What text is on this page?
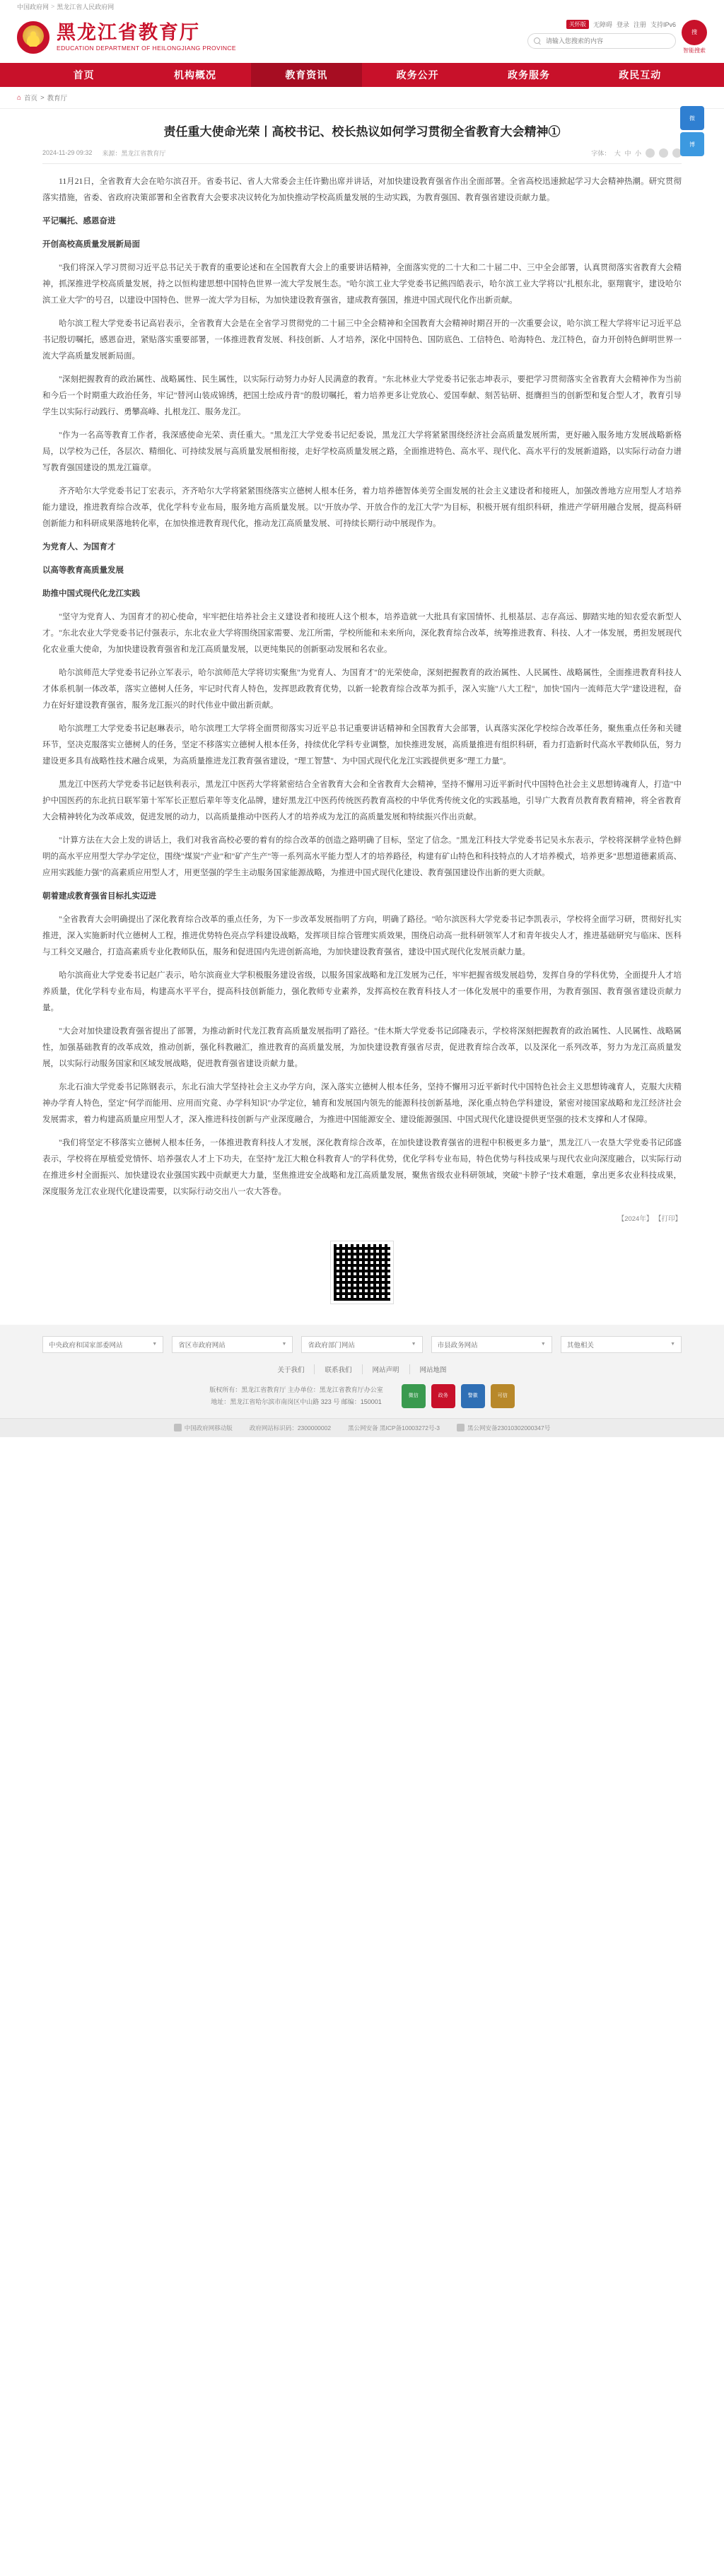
中国政府网 > 黑龙江省人民政府网
黑龙江省教育厅
EDUCATION DEPARTMENT OF HEILONGJIANG PROVINCE
关怀版	无障碍 登录 注册 支持IPv6
请输入您搜索的内容
搜
智能搜索
首页	机构概况	教育资讯	政务公开	政务服务	政民互动
⌂ 首页 > 教育厅
微
博
责任重大使命光荣丨高校书记、校长热议如何学习贯彻全省教育大会精神①
2024-11-29 09:32 来源：黑龙江省教育厅	字体： 大 中 小

11月21日，全省教育大会在哈尔滨召开。省委书记、省人大常委会主任许勤出席并讲话，对加快建设教育强省作出全面部署。全省高校迅速掀起学习大会精神热潮。研究贯彻落实措施，省委、省政府决策部署和全省教育大会要求决议转化为加快推动学校高质量发展的生动实践，为教育强国、教育强省建设贡献力量。

平记嘱托、感恩奋进

开创高校高质量发展新局面

"我们将深入学习贯彻习近平总书记关于教育的重要论述和在全国教育大会上的重要讲话精神，全面落实党的二十大和二十届二中、三中全会部署，认真贯彻落实省教育大会精神，抓深推进学校高质量发展，持之以恒构建思想中国特色世界一流大学发展生态。"哈尔滨工业大学党委书记熊四皓表示，哈尔滨工业大学将以"扎根东北，驱翔寰宇，建设哈尔滨工业大学"的号召，以建设中国特色、世界一流大学为目标，为加快建设教育强省，建成教育强国，推进中国式现代化作出新贡献。

哈尔滨工程大学党委书记高岩表示，全省教育大会是在全省学习贯彻党的二十届三中全会精神和全国教育大会精神时期召开的一次重要会议，哈尔滨工程大学将牢记习近平总书记殷切嘱托，感恩奋进，紧贴落实重要部署，一体推进教育发展、科技创新、人才培养，深化中国特色、国防底色、工信特色、哈海特色、龙江特色，奋力开创特色鲜明世界一流大学高质量发展新局面。

"深刻把握教育的政治属性、战略属性、民生属性，以实际行动努力办好人民满意的教育。"东北林业大学党委书记张志坤表示，要把学习贯彻落实全省教育大会精神作为当前和今后一个时期重大政治任务，牢记"替河山装成锦绣，把国土绘成丹青"的殷切嘱托，着力培养更多让党放心、爱国奉献、刻苦钻研、挺膺担当的创新型和复合型人才，教育引导学生以实际行动践行、勇攀高峰、扎根龙江、服务龙江。

"作为一名高等教育工作者，我深感使命光荣、责任重大。"黑龙江大学党委书记纪委说，黑龙江大学将紧紧围绕经济社会高质量发展所需，更好融入服务地方发展战略新格局，以学校为己任，各层次、精细化、可持续发展与高质量发展相衔接，走好学校高质量发展之路，全面推进特色、高水平、现代化、高水平行的发展新道路，以实际行动奋力谱写教育强国建设的黑龙江篇章。

齐齐哈尔大学党委书记丁宏表示，齐齐哈尔大学将紧紧围绕落实立德树人根本任务，着力培养德智体美劳全面发展的社会主义建设者和接班人，加强改善地方应用型人才培养能力建设，推进教育综合改革，优化学科专业布局，服务地方高质量发展。以"开放办学、开放合作的龙江大学"为目标，积极开展有组织科研，推进产学研用融合发展，提高科研创新能力和科研成果落地转化率，在加快推进教育现代化，推动龙江高质量发展、可持续长期行动中展现作为。

为党育人、为国育才

以高等教育高质量发展

助推中国式现代化龙江实践

"坚守为党育人、为国育才的初心使命，牢牢把住培养社会主义建设者和接班人这个根本，培养造就一大批具有家国情怀、扎根基层、志存高远、脚踏实地的知农爱农新型人才。"东北农业大学党委书记付强表示，东北农业大学将围绕国家需要、龙江所需，学校所能和未来所向，深化教育综合改革，统筹推进教育、科技、人才一体发展，勇担发展现代化农业重大使命，为加快建设教育强省和龙江高质量发展，以更纯集民的创新驱动发展和名农业。

哈尔滨师范大学党委书记孙立军表示，哈尔滨师范大学将切实聚焦"为党育人、为国育才"的光荣使命，深刻把握教育的政治属性、人民属性、战略属性，全面推进教育科技人才体系机制一体改革，落实立德树人任务，牢记时代育人特色，发挥思政教育优势，以新一轮教育综合改革为抓手，深入实施"八大工程"，加快"国内一流师范大学"建设进程，奋力在好好建设教育强省，服务龙江振兴的时代伟业中做出新贡献。

哈尔滨理工大学党委书记赵琳表示，哈尔滨理工大学将全面贯彻落实习近平总书记重要讲话精神和全国教育大会部署，认真落实深化学校综合改革任务，聚焦重点任务和关键环节，坚决克服落实立德树人的任务，坚定不移落实立德树人根本任务，持续优化学科专业调整，加快推进发展，高质量推进有组织科研，看力打造新时代高水平教师队伍，努力建设更多具有战略性技术融合成果，为高质量推进龙江教育强省建设，"理工智慧"、为中国式现代化龙江实践提供更多"理工力量"。

黑龙江中医药大学党委书记赵铁利表示，黑龙江中医药大学将紧密结合全省教育大会和全省教育大会精神，坚持不懈用习近平新时代中国特色社会主义思想铸魂育人，打造"中护中国医药的东北抗日联军第十军军长正慰后辈年等支化品牌，建好黑龙江中医药传统医药教育高校的中华优秀传统文化的实践基地，引导广大教育员教育教育精神，将全省教育大会精神转化为改革成效，促进发展的动力，以高质量推动中医药人才的培养成为龙江的高质量发展和特续振兴作出贡献。

"计算方法在大会上发的讲话上，我们对我省高校必要的着有的综合改革的创造之路明确了目标，坚定了信念。"黑龙江科技大学党委书记吴永东表示，学校将深耕学业特色鲜明的高水平应用型大学办学定位，围绕"煤炭"产业"和"矿产生产"等一系列高水平能力型人才的培养路径，构建有矿山特色和科技特点的人才培养模式，培养更多"思想道德素质高、应用实践能力强"的高素质应用型人才，用更坚强的学生主动服务国家能源战略，为推进中国式现代化建设、教育强国建设作出新的更大贡献。

朝着建成教育强省目标扎实迈进

"全省教育大会明确提出了深化教育综合改革的重点任务，为下一步改革发展指明了方向，明确了路径。"哈尔滨医科大学党委书记李凯表示，学校将全面学习研，贯彻好扎实推进，深入实施新时代立德树人工程，推进优势特色亮点学科建设战略，发挥项目综合管理实质效果，围绕启动高一批科研领军人才和青年拔尖人才，推进基础研究与临床、医科与工科交叉融合，打造高素质专业化教师队伍，服务和促进国内先进创新高地，为加快建设教育强省，建设中国式现代化发展贡献力量。

哈尔滨商业大学党委书记赵广表示，哈尔滨商业大学积极服务建设省级，以服务国家战略和龙江发展为己任，牢牢把握省级发展趋势，发挥自身的学科优势，全面提升人才培养质量，优化学科专业布局，构建高水平平台，提高科技创新能力，强化教师专业素养，发挥高校在教育科技人才一体化发展中的重要作用，为教育强国、教育强省建设贡献力量。

"大会对加快建设教育强省提出了部署，为推动新时代龙江教育高质量发展指明了路径。"佳木斯大学党委书记邱隆表示，学校将深刻把握教育的政治属性、人民属性、战略属性，加强基础教育的改革成效，推动创新，强化科教融汇，推进教育的高质量发展，为加快建设教育强省尽责，促进教育综合改革，以及深化一系列改革，努力为龙江高质量发展，以实际行动服务国家和区域发展战略，促进教育强省建设贡献力量。

东北石油大学党委书记陈钢表示，东北石油大学坚持社会主义办学方向，深入落实立德树人根本任务，坚持不懈用习近平新时代中国特色社会主义思想铸魂育人，克服大庆精神办学育人特色，坚定"何学而能用、应用而究竟、办学科知识"办学定位，辅育和发展国内领先的能源科技创新基地，深化重点特色学科建设，紧密对接国家战略和龙江经济社会发展需求，着力构建高质量应用型人才，深入推进科技创新与产业深度融合，为推进中国能源安全、建设能源强国、中国式现代化建设提供更坚强的技术支撑和人才保障。

"我们将坚定不移落实立德树人根本任务，一体推进教育科技人才发展，深化教育综合改革，在加快建设教育强省的进程中积极更多力量"，黑龙江八一农垦大学党委书记邱盛表示，学校将在厚植爱党情怀、培养强农人才上下功夫，在坚持"龙江大粮仓科教育人"的学科优势，优化学科专业布局，特色优势与科技成果与现代农业向深度融合，以实际行动在推进乡村全面振兴、加快建设农业强国实践中贡献更大力量，坚焦推进安全战略和龙江高质量发展，聚焦省级农业科研领域，突破"卡脖子"技术难题，拿出更多农业科技成果，深度服务龙江农业现代化建设需要，以实际行动交出八一农大答卷。

【2024年】 【打印】
中央政府和国家部委网站	▼	省区市政府网站	▼	省政府部门网站	▼	市县政务网站	▼	其他相关	▼
关于我们	联系我们	网站声明	网站地图
版权所有：黑龙江省教育厅 主办单位：黑龙江省教育厅办公室
地址：黑龙江省哈尔滨市南岗区中山路 323 号 邮编：150001
微信	政务	警徽	可信
中国政府网移动版	政府网站标识码：2300000002	黑公网安备 黑ICP备10003272号-3	黑公网安备23010302000347号
